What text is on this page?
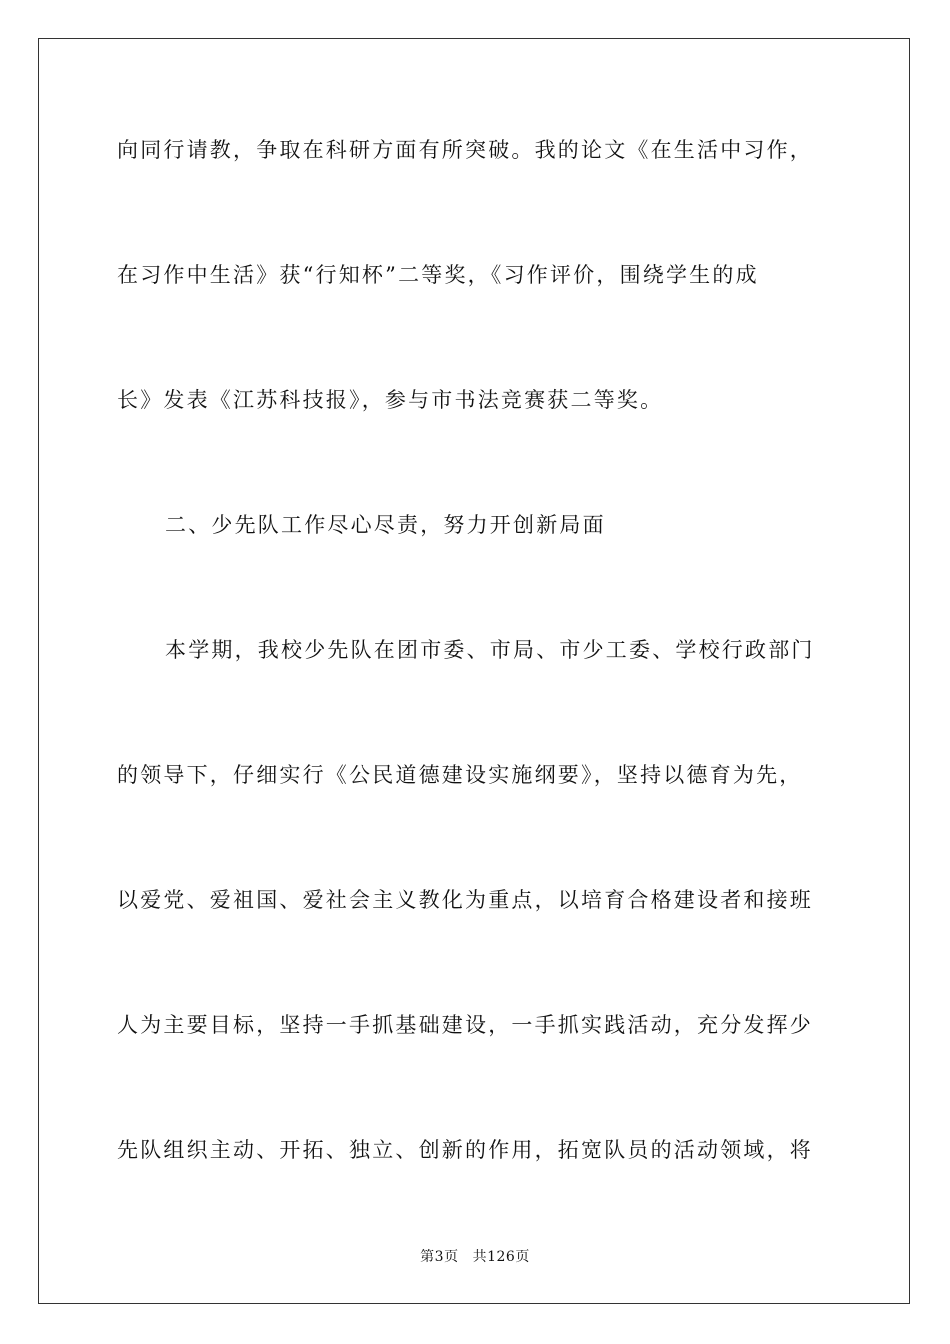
向同行请教，争取在科研方面有所突破。我的论文《在生活中习作，
在习作中生活》获“行知杯”二等奖，《习作评价，围绕学生的成
长》发表《江苏科技报》，参与市书法竞赛获二等奖。
二、少先队工作尽心尽责，努力开创新局面
本学期，我校少先队在团市委、市局、市少工委、学校行政部门
的领导下，仔细实行《公民道德建设实施纲要》，坚持以德育为先，
以爱党、爱祖国、爱社会主义教化为重点，以培育合格建设者和接班
人为主要目标，坚持一手抓基础建设，一手抓实践活动，充分发挥少
先队组织主动、开拓、独立、创新的作用，拓宽队员的活动领域，将
第3页 共126页
